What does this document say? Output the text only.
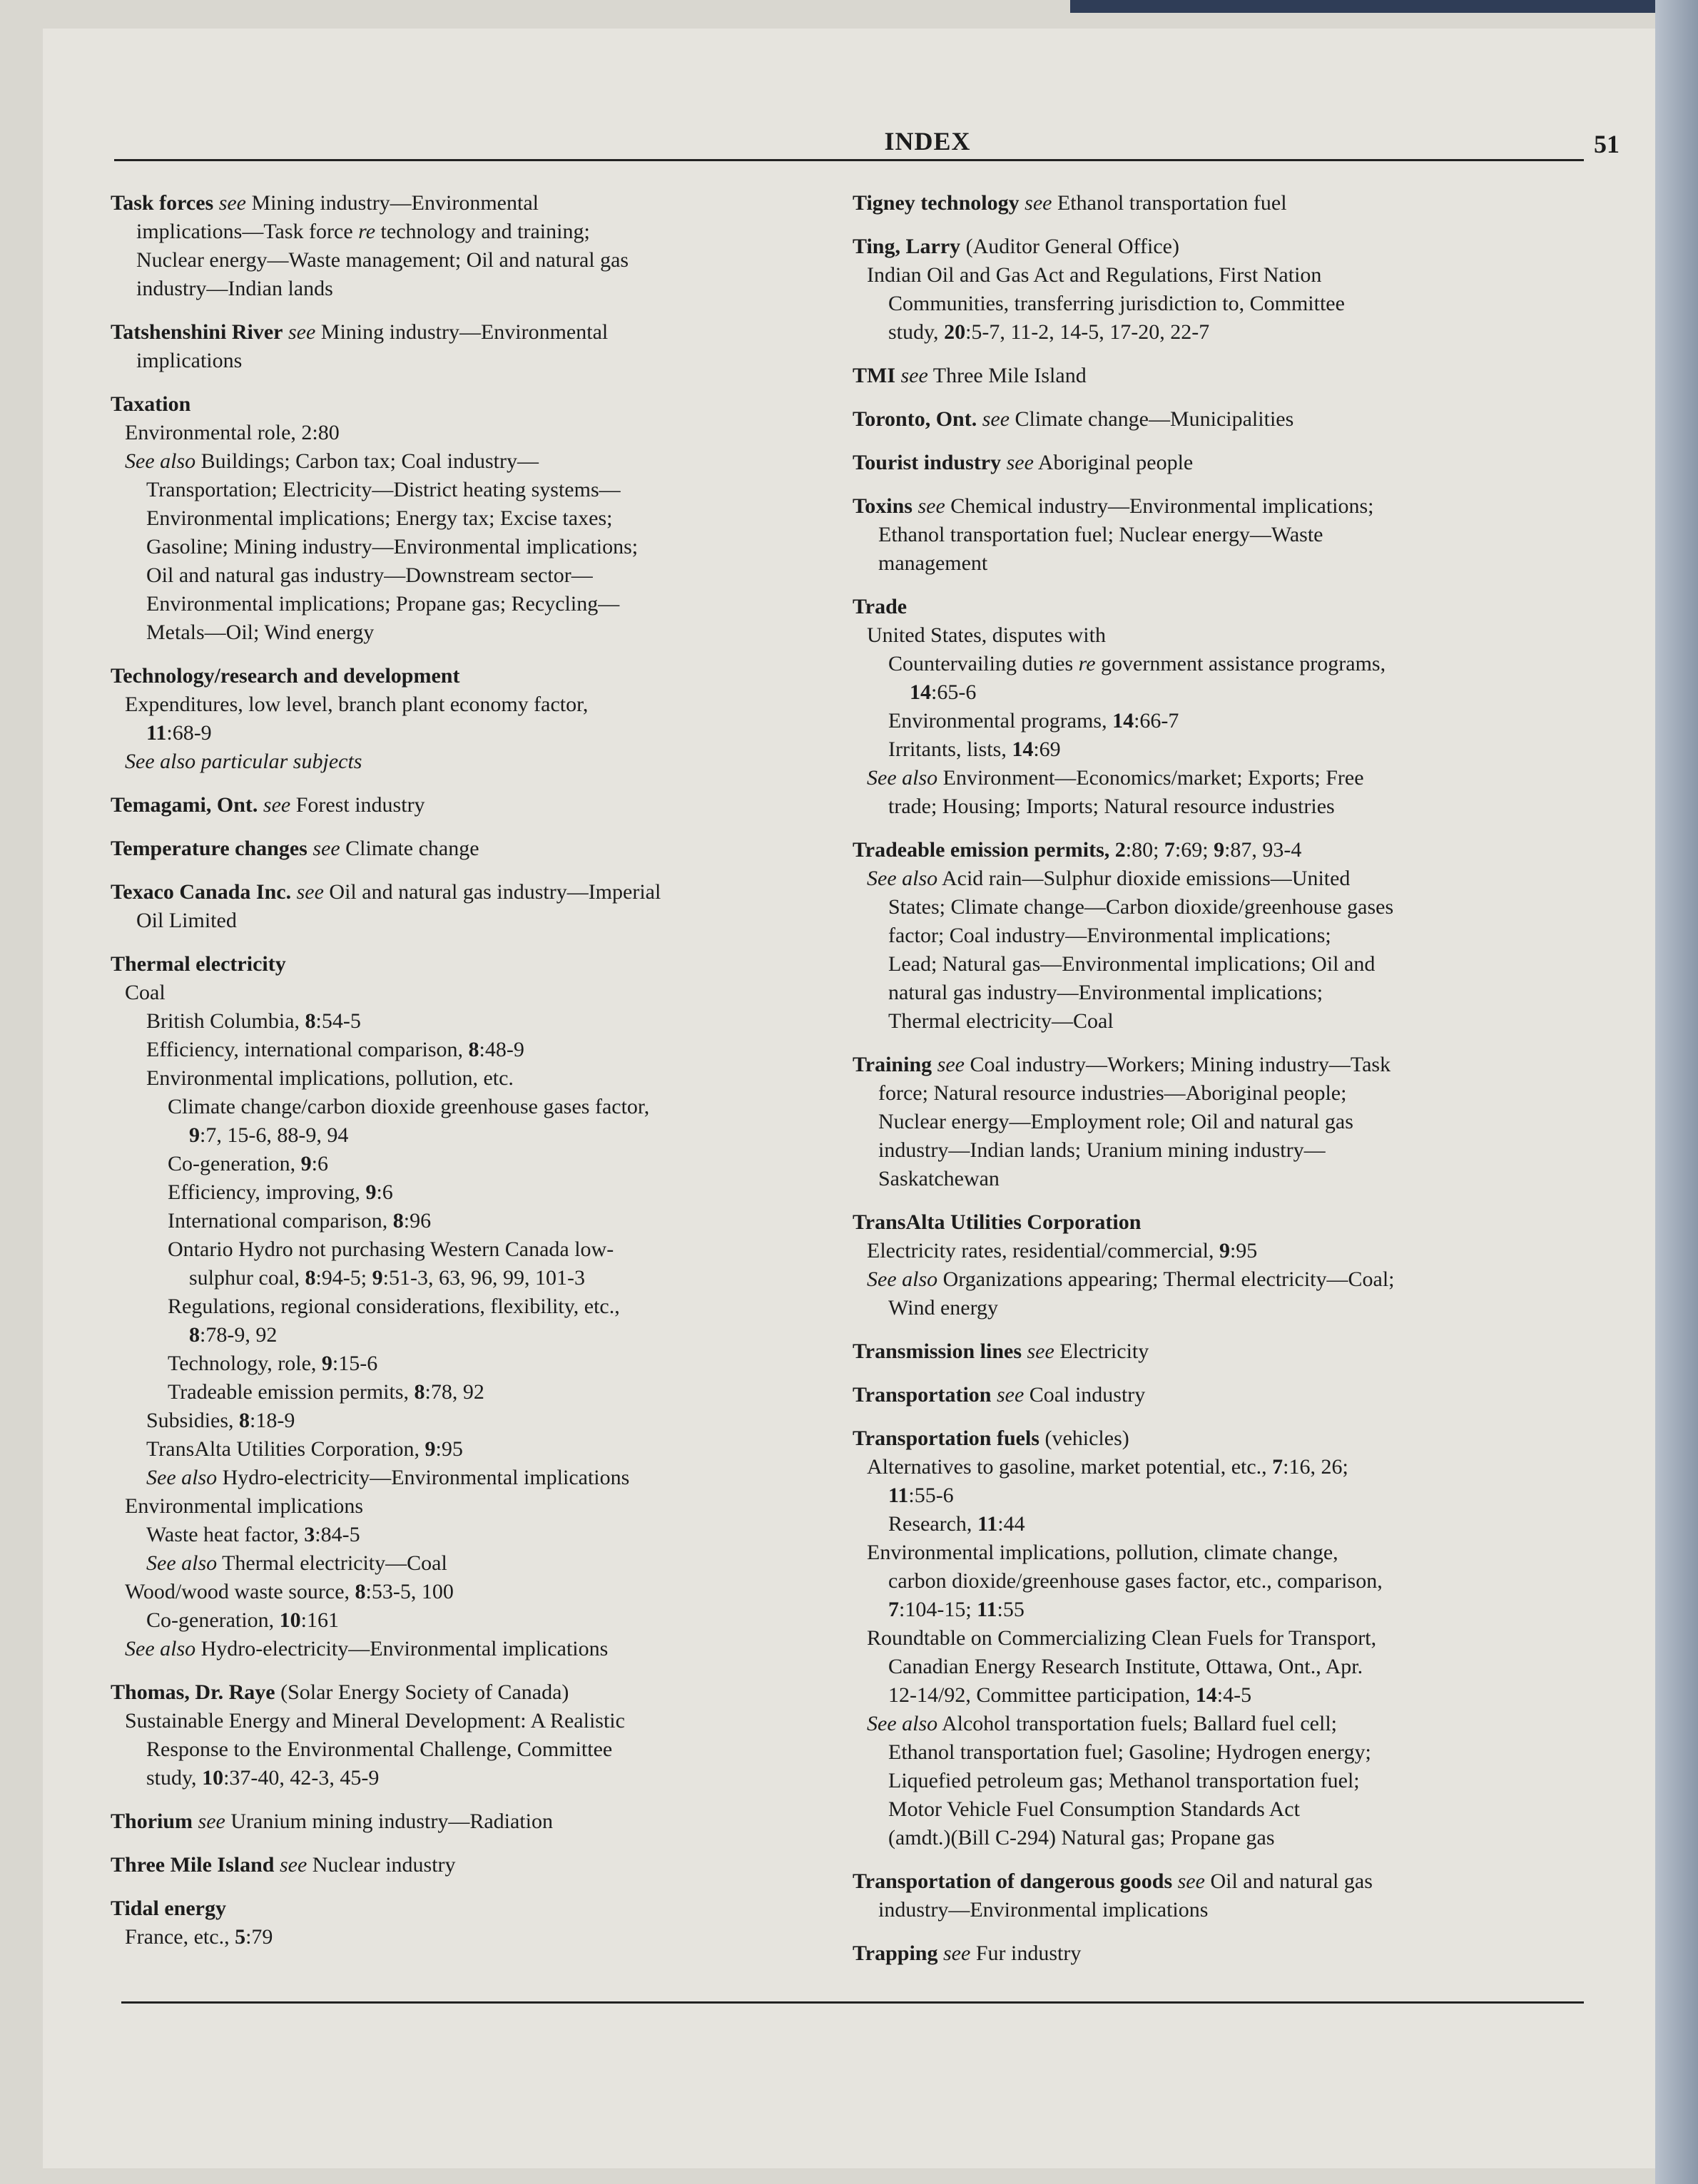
INDEX	51
Task forces see Mining industry—Environmental
implications—Task force re technology and training;
Nuclear energy—Waste management; Oil and natural gas
industry—Indian lands
Tatshenshini River see Mining industry—Environmental
implications
Taxation
Environmental role, 2:80
See also Buildings; Carbon tax; Coal industry—
Transportation; Electricity—District heating systems—
Environmental implications; Energy tax; Excise taxes;
Gasoline; Mining industry—Environmental implications;
Oil and natural gas industry—Downstream sector—
Environmental implications; Propane gas; Recycling—
Metals—Oil; Wind energy
Technology/research and development
Expenditures, low level, branch plant economy factor,
11:68-9
See also particular subjects
Temagami, Ont. see Forest industry
Temperature changes see Climate change
Texaco Canada Inc. see Oil and natural gas industry—Imperial
Oil Limited
Thermal electricity
Coal
British Columbia, 8:54-5
Efficiency, international comparison, 8:48-9
Environmental implications, pollution, etc.
Climate change/carbon dioxide greenhouse gases factor,
9:7, 15-6, 88-9, 94
Co-generation, 9:6
Efficiency, improving, 9:6
International comparison, 8:96
Ontario Hydro not purchasing Western Canada low-
sulphur coal, 8:94-5; 9:51-3, 63, 96, 99, 101-3
Regulations, regional considerations, flexibility, etc.,
8:78-9, 92
Technology, role, 9:15-6
Tradeable emission permits, 8:78, 92
Subsidies, 8:18-9
TransAlta Utilities Corporation, 9:95
See also Hydro-electricity—Environmental implications
Environmental implications
Waste heat factor, 3:84-5
See also Thermal electricity—Coal
Wood/wood waste source, 8:53-5, 100
Co-generation, 10:161
See also Hydro-electricity—Environmental implications
Thomas, Dr. Raye (Solar Energy Society of Canada)
Sustainable Energy and Mineral Development: A Realistic
Response to the Environmental Challenge, Committee
study, 10:37-40, 42-3, 45-9
Thorium see Uranium mining industry—Radiation
Three Mile Island see Nuclear industry
Tidal energy
France, etc., 5:79
Tigney technology see Ethanol transportation fuel
Ting, Larry (Auditor General Office)
Indian Oil and Gas Act and Regulations, First Nation
Communities, transferring jurisdiction to, Committee
study, 20:5-7, 11-2, 14-5, 17-20, 22-7
TMI see Three Mile Island
Toronto, Ont. see Climate change—Municipalities
Tourist industry see Aboriginal people
Toxins see Chemical industry—Environmental implications;
Ethanol transportation fuel; Nuclear energy—Waste
management
Trade
United States, disputes with
Countervailing duties re government assistance programs,
14:65-6
Environmental programs, 14:66-7
Irritants, lists, 14:69
See also Environment—Economics/market; Exports; Free
trade; Housing; Imports; Natural resource industries
Tradeable emission permits, 2:80; 7:69; 9:87, 93-4
See also Acid rain—Sulphur dioxide emissions—United
States; Climate change—Carbon dioxide/greenhouse gases
factor; Coal industry—Environmental implications;
Lead; Natural gas—Environmental implications; Oil and
natural gas industry—Environmental implications;
Thermal electricity—Coal
Training see Coal industry—Workers; Mining industry—Task
force; Natural resource industries—Aboriginal people;
Nuclear energy—Employment role; Oil and natural gas
industry—Indian lands; Uranium mining industry—
Saskatchewan
TransAlta Utilities Corporation
Electricity rates, residential/commercial, 9:95
See also Organizations appearing; Thermal electricity—Coal;
Wind energy
Transmission lines see Electricity
Transportation see Coal industry
Transportation fuels (vehicles)
Alternatives to gasoline, market potential, etc., 7:16, 26;
11:55-6
Research, 11:44
Environmental implications, pollution, climate change,
carbon dioxide/greenhouse gases factor, etc., comparison,
7:104-15; 11:55
Roundtable on Commercializing Clean Fuels for Transport,
Canadian Energy Research Institute, Ottawa, Ont., Apr.
12-14/92, Committee participation, 14:4-5
See also Alcohol transportation fuels; Ballard fuel cell;
Ethanol transportation fuel; Gasoline; Hydrogen energy;
Liquefied petroleum gas; Methanol transportation fuel;
Motor Vehicle Fuel Consumption Standards Act
(amdt.)(Bill C-294) Natural gas; Propane gas
Transportation of dangerous goods see Oil and natural gas
industry—Environmental implications
Trapping see Fur industry
